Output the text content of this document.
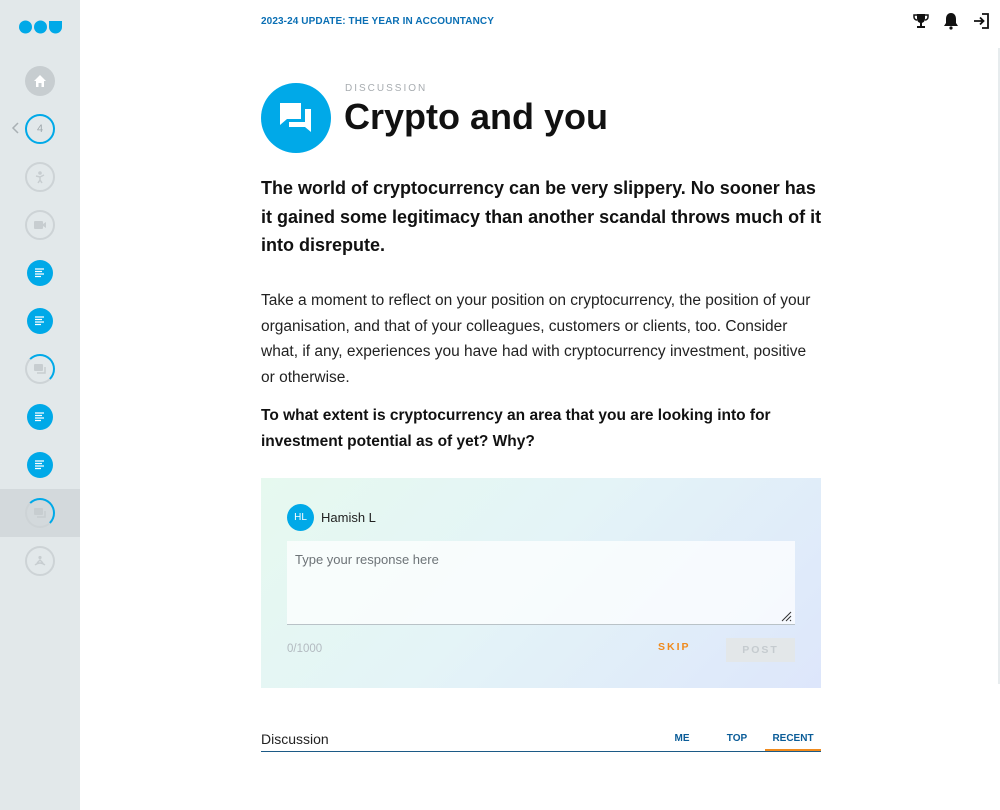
4
2023-24 UPDATE: THE YEAR IN ACCOUNTANCY
DISCUSSION
Crypto and you

The world of cryptocurrency can be very slippery. No sooner has it gained some legitimacy than another scandal throws much of it into disrepute.

Take a moment to reflect on your position on cryptocurrency, the position of your organisation, and that of your colleagues, customers or clients, too. Consider what, if any, experiences you have had with cryptocurrency investment, positive or otherwise.

To what extent is cryptocurrency an area that you are looking into for investment potential as of yet? Why?

HL	Hamish L
Type your response here
0/1000	SKIP	POST
Discussion	ME	TOP	RECENT
